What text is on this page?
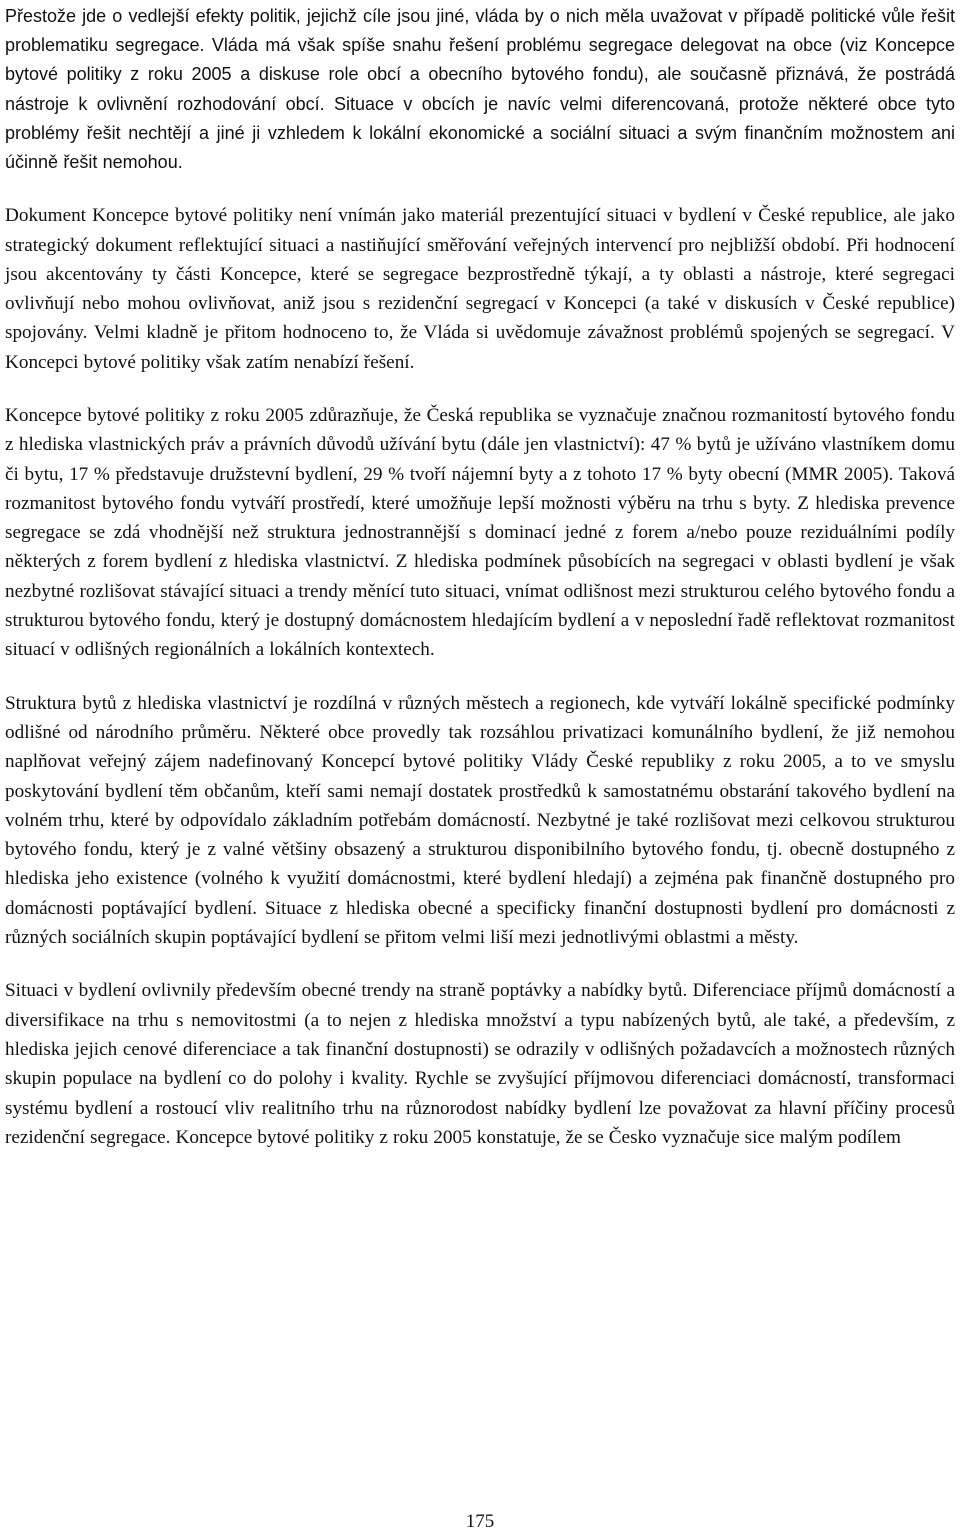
Přestože jde o vedlejší efekty politik, jejichž cíle jsou jiné, vláda by o nich měla uvažovat v případě politické vůle řešit problematiku segregace. Vláda má však spíše snahu řešení problému segregace delegovat na obce (viz Koncepce bytové politiky z roku 2005 a diskuse role obcí a obecního bytového fondu), ale současně přiznává, že postrádá nástroje k ovlivnění rozhodování obcí. Situace v obcích je navíc velmi diferencovaná, protože některé obce tyto problémy řešit nechtějí a jiné ji vzhledem k lokální ekonomické a sociální situaci a svým finančním možnostem ani účinně řešit nemohou.

Dokument Koncepce bytové politiky není vnímán jako materiál prezentující situaci v bydlení v České republice, ale jako strategický dokument reflektující situaci a nastiňující směřování veřejných intervencí pro nejbližší období. Při hodnocení jsou akcentovány ty části Koncepce, které se segregace bezprostředně týkají, a ty oblasti a nástroje, které segregaci ovlivňují nebo mohou ovlivňovat, aniž jsou s rezidenční segregací v Koncepci (a také v diskusích v České republice) spojovány. Velmi kladně je přitom hodnoceno to, že Vláda si uvědomuje závažnost problémů spojených se segregací. V Koncepci bytové politiky však zatím nenabízí řešení.

Koncepce bytové politiky z roku 2005 zdůrazňuje, že Česká republika se vyznačuje značnou rozmanitostí bytového fondu z hlediska vlastnických práv a právních důvodů užívání bytu (dále jen vlastnictví): 47 % bytů je užíváno vlastníkem domu či bytu, 17 % představuje družstevní bydlení, 29 % tvoří nájemní byty a z tohoto 17 % byty obecní (MMR 2005). Taková rozmanitost bytového fondu vytváří prostředí, které umožňuje lepší možnosti výběru na trhu s byty. Z hlediska prevence segregace se zdá vhodnější než struktura jednostrannější s dominací jedné z forem a/nebo pouze reziduálními podíly některých z forem bydlení z hlediska vlastnictví. Z hlediska podmínek působících na segregaci v oblasti bydlení je však nezbytné rozlišovat stávající situaci a trendy měnící tuto situaci, vnímat odlišnost mezi strukturou celého bytového fondu a strukturou bytového fondu, který je dostupný domácnostem hledajícím bydlení a v neposlední řadě reflektovat rozmanitost situací v odlišných regionálních a lokálních kontextech.

Struktura bytů z hlediska vlastnictví je rozdílná v různých městech a regionech, kde vytváří lokálně specifické podmínky odlišné od národního průměru. Některé obce provedly tak rozsáhlou privatizaci komunálního bydlení, že již nemohou naplňovat veřejný zájem nadefinovaný Koncepcí bytové politiky Vlády České republiky z roku 2005, a to ve smyslu poskytování bydlení těm občanům, kteří sami nemají dostatek prostředků k samostatnému obstarání takového bydlení na volném trhu, které by odpovídalo základním potřebám domácností. Nezbytné je také rozlišovat mezi celkovou strukturou bytového fondu, který je z valné většiny obsazený a strukturou disponibilního bytového fondu, tj. obecně dostupného z hlediska jeho existence (volného k využití domácnostmi, které bydlení hledají) a zejména pak finančně dostupného pro domácnosti poptávající bydlení. Situace z hlediska obecné a specificky finanční dostupnosti bydlení pro domácnosti z různých sociálních skupin poptávající bydlení se přitom velmi liší mezi jednotlivými oblastmi a městy.

Situaci v bydlení ovlivnily především obecné trendy na straně poptávky a nabídky bytů. Diferenciace příjmů domácností a diversifikace na trhu s nemovitostmi (a to nejen z hlediska množství a typu nabízených bytů, ale také, a především, z hlediska jejich cenové diferenciace a tak finanční dostupnosti) se odrazily v odlišných požadavcích a možnostech různých skupin populace na bydlení co do polohy i kvality. Rychle se zvyšující příjmovou diferenciaci domácností, transformaci systému bydlení a rostoucí vliv realitního trhu na různorodost nabídky bydlení lze považovat za hlavní příčiny procesů rezidenční segregace. Koncepce bytové politiky z roku 2005 konstatuje, že se Česko vyznačuje sice malým podílem

175
